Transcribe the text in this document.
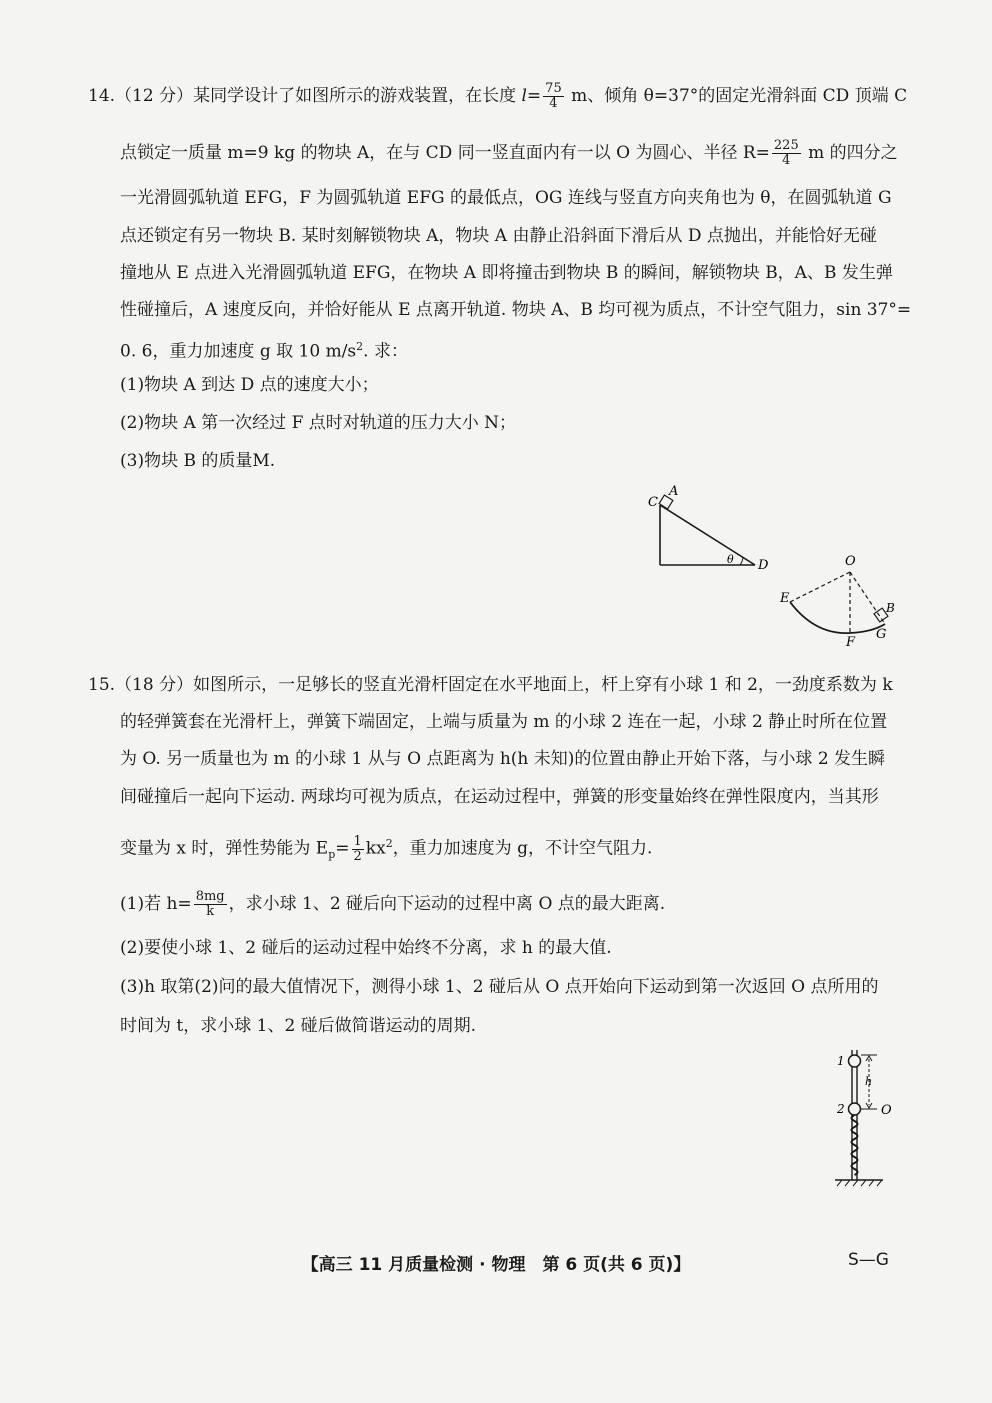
14.（12 分）某同学设计了如图所示的游戏装置，在长度 $l= \frac{75}{4}$ m、倾角 θ=37°的固定光滑斜面 CD 顶端 C
点锁定一质量 m=9 kg 的物块 A，在与 CD 同一竖直面内有一以 O 为圆心、半径 $R= \frac{225}{4}$ m 的四分之
一光滑圆弧轨道 EFG，F 为圆弧轨道 EFG 的最低点，OG 连线与竖直方向夹角也为 θ，在圆弧轨道 G
点还锁定有另一物块 B. 某时刻解锁物块 A，物块 A 由静止沿斜面下滑后从 D 点抛出，并能恰好无碰
撞地从 E 点进入光滑圆弧轨道 EFG，在物块 A 即将撞击到物块 B 的瞬间，解锁物块 B，A、B 发生弹
性碰撞后，A 速度反向，并恰好能从 E 点离开轨道. 物块 A、B 均可视为质点，不计空气阻力，sin 37°=
0. 6，重力加速度 g 取 10 $m/s^2$. 求：
(1)物块 A 到达 D 点的速度大小；
(2)物块 A 第一次经过 F 点时对轨道的压力大小 N；
(3)物块 B 的质量M.
C
A
θ D	O
E
B
F
G
15.（18 分）如图所示，一足够长的竖直光滑杆固定在水平地面上，杆上穿有小球 1 和 2，一劲度系数为 k
的轻弹簧套在光滑杆上，弹簧下端固定，上端与质量为 m 的小球 2 连在一起，小球 2 静止时所在位置
为 O. 另一质量也为 m 的小球 1 从与 O 点距离为 h(h 未知)的位置由静止开始下落，与小球 2 发生瞬
间碰撞后一起向下运动. 两球均可视为质点，在运动过程中，弹簧的形变量始终在弹性限度内，当其形
变量为 x 时，弹性势能为 $E_p= \frac{1}{2} kx^2$，重力加速度为 g，不计空气阻力.
(1)若 $h= \frac{8mg}{k}$ ，求小球 1、2 碰后向下运动的过程中离 O 点的最大距离.
(2)要使小球 1、2 碰后的运动过程中始终不分离，求 h 的最大值.
(3)h 取第(2)问的最大值情况下，测得小球 1、2 碰后从 O 点开始向下运动到第一次返回 O 点所用的
时间为 t，求小球 1、2 碰后做简谐运动的周期.
1
2
h
O
【高三 11 月质量检测 · 物理　第 6 页(共 6 页)】	S—G
